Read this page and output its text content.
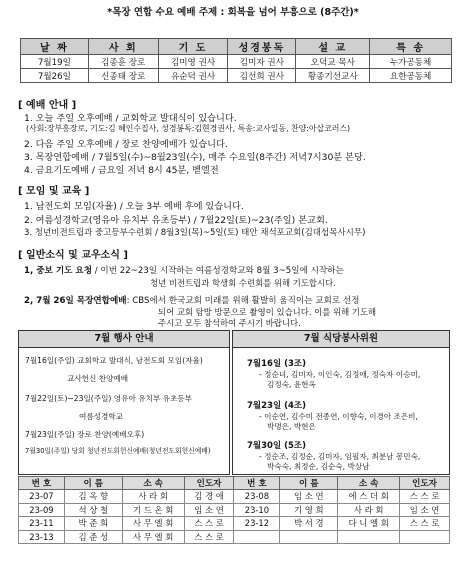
*목장 연합 수요 예배 주제 : 회복을 넘어 부흥으로 (8주간)*
날 짜	사 회	기 도	성경봉독	설 교	특 송
7월19일	김종훈 장로	김미영 권사	김미자 권사	오덕교 목사	누가공동체
7월26일	신종태 장로	유순덕 권사	김선희 권사	황종기선교사	요한공동체
[ 예배 안내 ]
1. 오늘 주일 오후예배 / 교회학교 발대식이 있습니다.
(사회:장부흥장로, 기도:김 혜인수집사, 성경봉독:김현경권사, 특송:교사일동, 찬양:아삽코러스)
2. 다음 주일 오후예배 / 장로 찬양예배가 있습니다.
3. 목장연합예배 / 7월5일(수)~8월23일(수), 매주 수요일(8주간) 저녁7시30분 본당.
4. 금요기도예배 / 금요일 저녁 8시 45분, 벧엘전
[ 모임 및 교육 ]
1. 남전도회 모임(자율) / 오늘 3부 예배 후에 있습니다.
2. 여름성경학교(영유아 유치부 유초등부) / 7월22일(토)~23(주일) 본교회.
3. 청년비전트립과 중고등부수련회 / 8월3일(목)~5일(토) 태안 채석포교회(김대섭목사시무)
[ 일반소식 및 교우소식 ]
1, 중보 기도 요청 / 이번 22~23일 시작하는 여름성경학교와 8월 3~5일에 시작하는
청년 비전트립과 학생회 수련회를 위해 기도합시다.
2, 7월 26일 목장연합예배: CBS에서 한국교회 미래를 위해 활발히 움직이는 교회로 선정
되어 교회 탐방 방문으로 촬영이 있습니다. 이를 위해 기도해
주시고 모두 참석하여 주시기 바랍니다.
7월 행사 안내
7월16일(주일) 교회학교 발대식, 남전도회 모임(자율)
교사헌신 찬양예배
7월22일(토)~23일(주일) 영유아 유치부 유초등부
여름성경학교
7월23일(주일) 장로 찬양(예배오후)
7월30일(주일) 당회 청년전도회헌신예배(청년전도회헌신예배)
7월 식당봉사위원
7월16일 (3조)
- 정순녀, 김미자, 이인숙, 김정애, 정숙자 이승미,
김정숙, 윤현옥
7월23일 (4조)
- 이순연, 김수미 전종연, 이향숙, 이경아 조은비,
박명은, 박현은
7월30일 (5조)
- 정순조, 김정순, 김미자, 임필자, 최분남 봉민숙,
박숙숙, 최정순, 김순숙, 박상남
번 호	이 름	소 속	인도자	번 호	이 름	소 속	인도자
23-07	김 옥 향	사 라 회	김 경 애	23-08	임 소 연	에 스 더 회	스 스 로
23-09	석 상 철	기 드 온 회	임 소 연	23-10	기 영 희	사 라 회	임 소 연
23-11	박 준 희	사 무 엘 회	스 스 로	23-12	박 서 경	다 니 엘 회	스 스 로
23-13	김 준 성	사 무 엘 회	스 스 로				
